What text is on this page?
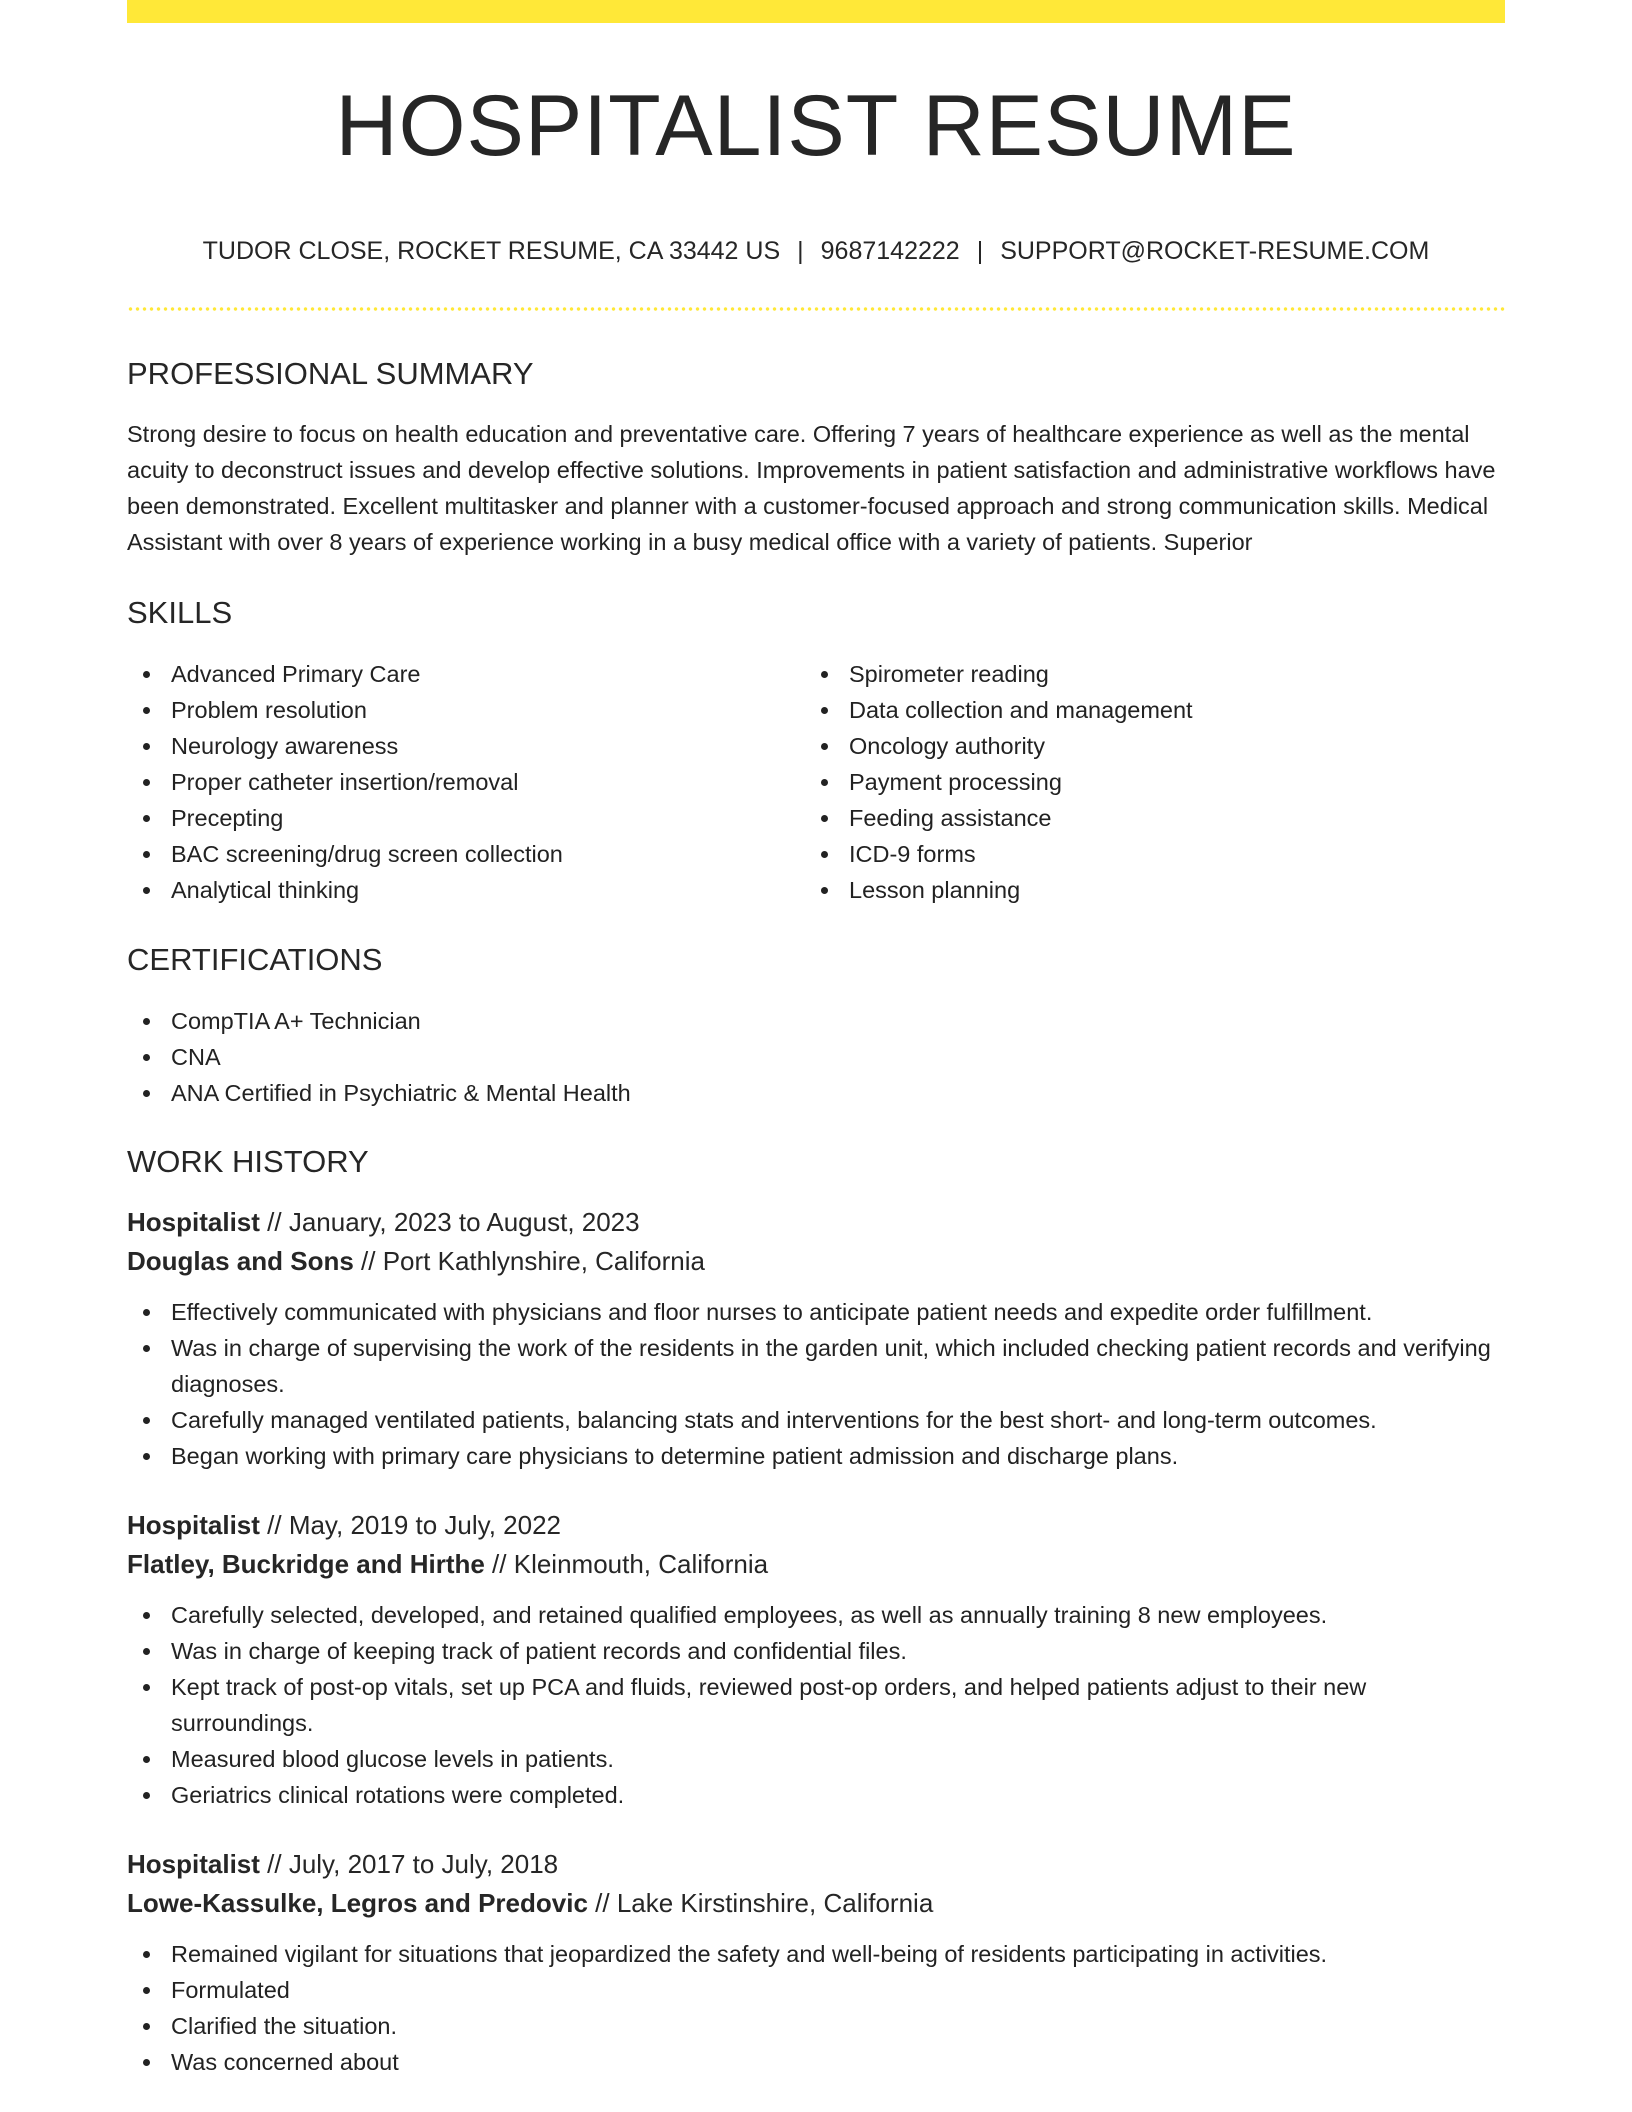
HOSPITALIST RESUME
TUDOR CLOSE, ROCKET RESUME, CA 33442 US | 9687142222 | SUPPORT@ROCKET-RESUME.COM
PROFESSIONAL SUMMARY

Strong desire to focus on health education and preventative care. Offering 7 years of healthcare experience as well as the mental acuity to deconstruct issues and develop effective solutions. Improvements in patient satisfaction and administrative workflows have been demonstrated. Excellent multitasker and planner with a customer-focused approach and strong communication skills. Medical Assistant with over 8 years of experience working in a busy medical office with a variety of patients. Superior

SKILLS
Advanced Primary Care
Problem resolution
Neurology awareness
Proper catheter insertion/removal
Precepting
BAC screening/drug screen collection
Analytical thinking
Spirometer reading
Data collection and management
Oncology authority
Payment processing
Feeding assistance
ICD-9 forms
Lesson planning
CERTIFICATIONS
CompTIA A+ Technician
CNA
ANA Certified in Psychiatric & Mental Health
WORK HISTORY
Hospitalist // January, 2023 to August, 2023
Douglas and Sons // Port Kathlynshire, California
Effectively communicated with physicians and floor nurses to anticipate patient needs and expedite order fulfillment.
Was in charge of supervising the work of the residents in the garden unit, which included checking patient records and verifying diagnoses.
Carefully managed ventilated patients, balancing stats and interventions for the best short- and long-term outcomes.
Began working with primary care physicians to determine patient admission and discharge plans.
Hospitalist // May, 2019 to July, 2022
Flatley, Buckridge and Hirthe // Kleinmouth, California
Carefully selected, developed, and retained qualified employees, as well as annually training 8 new employees.
Was in charge of keeping track of patient records and confidential files.
Kept track of post-op vitals, set up PCA and fluids, reviewed post-op orders, and helped patients adjust to their new surroundings.
Measured blood glucose levels in patients.
Geriatrics clinical rotations were completed.
Hospitalist // July, 2017 to July, 2018
Lowe-Kassulke, Legros and Predovic // Lake Kirstinshire, California
Remained vigilant for situations that jeopardized the safety and well-being of residents participating in activities.
Formulated
Clarified the situation.
Was concerned about
